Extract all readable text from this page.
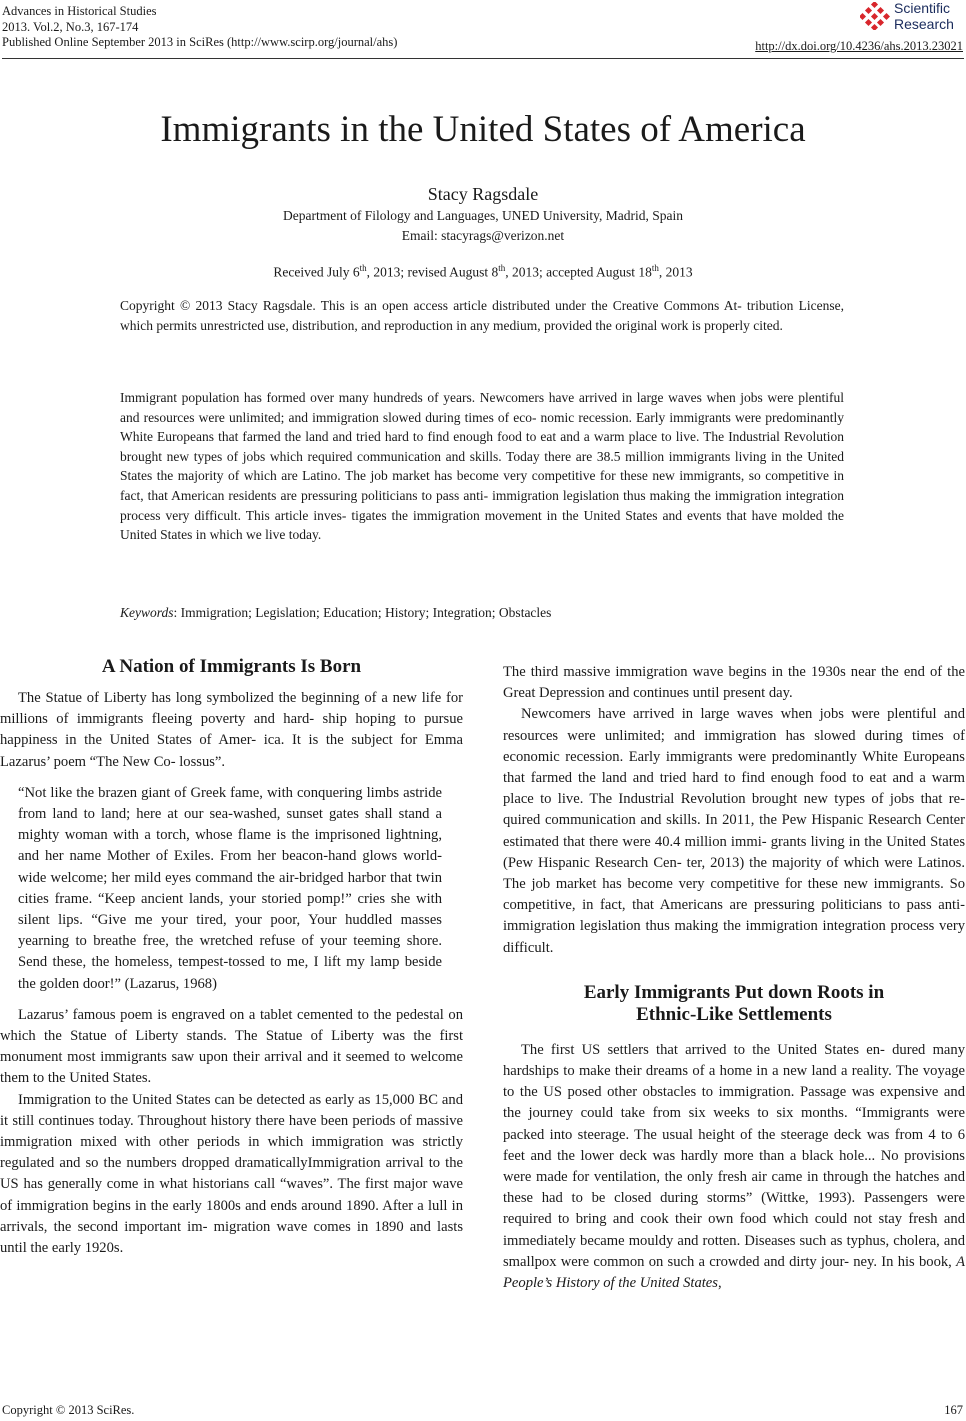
Advances in Historical Studies
2013. Vol.2, No.3, 167-174
Published Online September 2013 in SciRes (http://www.scirp.org/journal/ahs)	http://dx.doi.org/10.4236/ahs.2013.23021
Scientific
Research
Immigrants in the United States of America
Stacy Ragsdale
Department of Filology and Languages, UNED University, Madrid, Spain
Email: stacyrags@verizon.net
Received July 6th, 2013; revised August 8th, 2013; accepted August 18th, 2013
Copyright © 2013 Stacy Ragsdale. This is an open access article distributed under the Creative Commons At- tribution License, which permits unrestricted use, distribution, and reproduction in any medium, provided the original work is properly cited.
Immigrant population has formed over many hundreds of years. Newcomers have arrived in large waves when jobs were plentiful and resources were unlimited; and immigration slowed during times of eco- nomic recession. Early immigrants were predominantly White Europeans that farmed the land and tried hard to find enough food to eat and a warm place to live. The Industrial Revolution brought new types of jobs which required communication and skills. Today there are 38.5 million immigrants living in the United States the majority of which are Latino. The job market has become very competitive for these new immigrants, so competitive in fact, that American residents are pressuring politicians to pass anti- immigration legislation thus making the immigration integration process very difficult. This article inves- tigates the immigration movement in the United States and events that have molded the United States in which we live today.
Keywords: Immigration; Legislation; Education; History; Integration; Obstacles
A Nation of Immigrants Is Born

The Statue of Liberty has long symbolized the beginning of a new life for millions of immigrants fleeing poverty and hard- ship hoping to pursue happiness in the United States of Amer- ica. It is the subject for Emma Lazarus’ poem “The New Co- lossus”.

“Not like the brazen giant of Greek fame, with conquering limbs astride from land to land; here at our sea-washed, sunset gates shall stand a mighty woman with a torch, whose flame is the imprisoned lightning, and her name Mother of Exiles. From her beacon-hand glows world- wide welcome; her mild eyes command the air-bridged harbor that twin cities frame. “Keep ancient lands, your storied pomp!” cries she with silent lips. “Give me your tired, your poor, Your huddled masses yearning to breathe free, the wretched refuse of your teeming shore. Send these, the homeless, tempest-tossed to me, I lift my lamp beside the golden door!” (Lazarus, 1968)

Lazarus’ famous poem is engraved on a tablet cemented to the pedestal on which the Statue of Liberty stands. The Statue of Liberty was the first monument most immigrants saw upon their arrival and it seemed to welcome them to the United States.

Immigration to the United States can be detected as early as 15,000 BC and it still continues today. Throughout history there have been periods of massive immigration mixed with other periods in which immigration was strictly regulated and so the numbers dropped dramaticallyImmigration arrival to the US has generally come in what historians call “waves”. The first major wave of immigration begins in the early 1800s and ends around 1890. After a lull in arrivals, the second important im- migration wave comes in 1890 and lasts until the early 1920s.

The third massive immigration wave begins in the 1930s near the end of the Great Depression and continues until present day.

Newcomers have arrived in large waves when jobs were plentiful and resources were unlimited; and immigration has slowed during times of economic recession. Early immigrants were predominantly White Europeans that farmed the land and tried hard to find enough food to eat and a warm place to live. The Industrial Revolution brought new types of jobs that re- quired communication and skills. In 2011, the Pew Hispanic Research Center estimated that there were 40.4 million immi- grants living in the United States (Pew Hispanic Research Cen- ter, 2013) the majority of which were Latinos. The job market has become very competitive for these new immigrants. So competitive, in fact, that Americans are pressuring politicians to pass anti-immigration legislation thus making the immigration integration process very difficult.

Early Immigrants Put down Roots in
Ethnic-Like Settlements

The first US settlers that arrived to the United States en- dured many hardships to make their dreams of a home in a new land a reality. The voyage to the US posed other obstacles to immigration. Passage was expensive and the journey could take from six weeks to six months. “Immigrants were packed into steerage. The usual height of the steerage deck was from 4 to 6 feet and the lower deck was hardly more than a black hole... No provisions were made for ventilation, the only fresh air came in through the hatches and these had to be closed during storms” (Wittke, 1993). Passengers were required to bring and cook their own food which could not stay fresh and immediately became mouldy and rotten. Diseases such as typhus, cholera, and smallpox were common on such a crowded and dirty jour- ney. In his book, A People’s History of the United States,

Copyright © 2013 SciRes.	167
